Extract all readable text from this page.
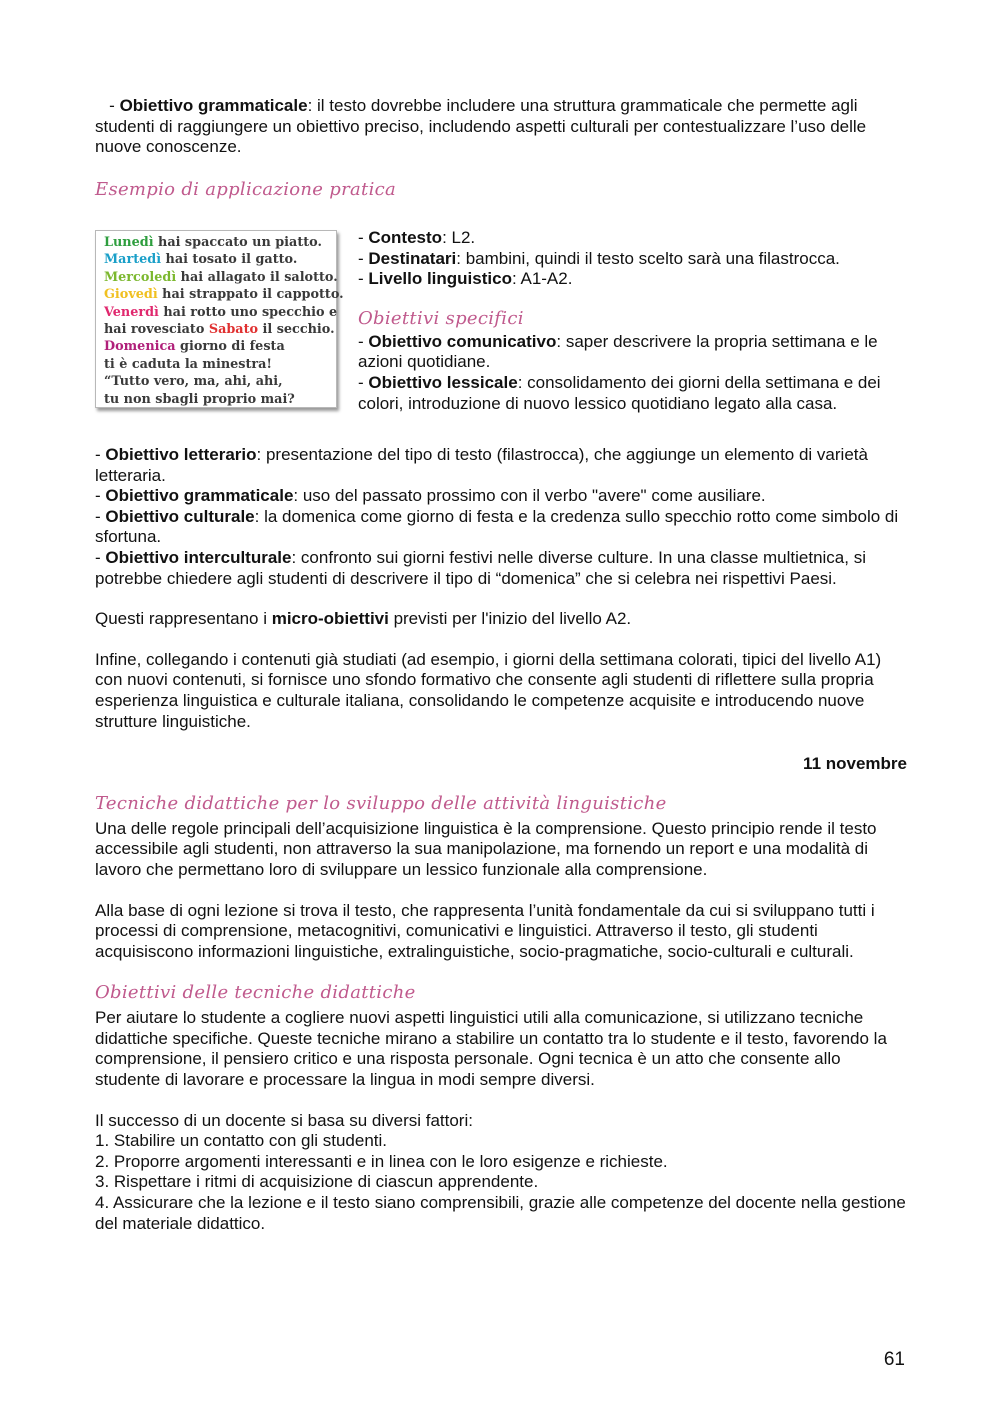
- Obiettivo grammaticale: il testo dovrebbe includere una struttura grammaticale che permette agli studenti di raggiungere un obiettivo preciso, includendo aspetti culturali per contestualizzare l’uso delle nuove conoscenze.

Esempio di applicazione pratica

Lunedì hai spaccato un piatto.
Martedì hai tosato il gatto.
Mercoledì hai allagato il salotto.
Giovedì hai strappato il cappotto.
Venerdì hai rotto uno specchio e
hai rovesciato Sabato il secchio.
Domenica giorno di festa
ti è caduta la minestra!
“Tutto vero, ma, ahi, ahi,
tu non sbagli proprio mai?

- Contesto: L2.

- Destinatari: bambini, quindi il testo scelto sarà una filastrocca.

- Livello linguistico: A1-A2.

Obiettivi specifici

- Obiettivo comunicativo: saper descrivere la propria settimana e le azioni quotidiane.

- Obiettivo lessicale: consolidamento dei giorni della settimana e dei colori, introduzione di nuovo lessico quotidiano legato alla casa.

- Obiettivo letterario: presentazione del tipo di testo (filastrocca), che aggiunge un elemento di varietà letteraria.

- Obiettivo grammaticale: uso del passato prossimo con il verbo "avere" come ausiliare.

- Obiettivo culturale: la domenica come giorno di festa e la credenza sullo specchio rotto come simbolo di sfortuna.

- Obiettivo interculturale: confronto sui giorni festivi nelle diverse culture. In una classe multietnica, si potrebbe chiedere agli studenti di descrivere il tipo di “domenica” che si celebra nei rispettivi Paesi.

Questi rappresentano i micro-obiettivi previsti per l'inizio del livello A2.

Infine, collegando i contenuti già studiati (ad esempio, i giorni della settimana colorati, tipici del livello A1) con nuovi contenuti, si fornisce uno sfondo formativo che consente agli studenti di riflettere sulla propria esperienza linguistica e culturale italiana, consolidando le competenze acquisite e introducendo nuove strutture linguistiche.

11 novembre

Tecniche didattiche per lo sviluppo delle attività linguistiche

Una delle regole principali dell’acquisizione linguistica è la comprensione. Questo principio rende il testo accessibile agli studenti, non attraverso la sua manipolazione, ma fornendo un report e una modalità di lavoro che permettano loro di sviluppare un lessico funzionale alla comprensione.

Alla base di ogni lezione si trova il testo, che rappresenta l’unità fondamentale da cui si sviluppano tutti i processi di comprensione, metacognitivi, comunicativi e linguistici. Attraverso il testo, gli studenti acquisiscono informazioni linguistiche, extralinguistiche, socio-pragmatiche, socio-culturali e culturali.

Obiettivi delle tecniche didattiche

Per aiutare lo studente a cogliere nuovi aspetti linguistici utili alla comunicazione, si utilizzano tecniche didattiche specifiche. Queste tecniche mirano a stabilire un contatto tra lo studente e il testo, favorendo la comprensione, il pensiero critico e una risposta personale. Ogni tecnica è un atto che consente allo studente di lavorare e processare la lingua in modi sempre diversi.

Il successo di un docente si basa su diversi fattori:

1. Stabilire un contatto con gli studenti.

2. Proporre argomenti interessanti e in linea con le loro esigenze e richieste.

3. Rispettare i ritmi di acquisizione di ciascun apprendente.

4. Assicurare che la lezione e il testo siano comprensibili, grazie alle competenze del docente nella gestione del materiale didattico.

61
